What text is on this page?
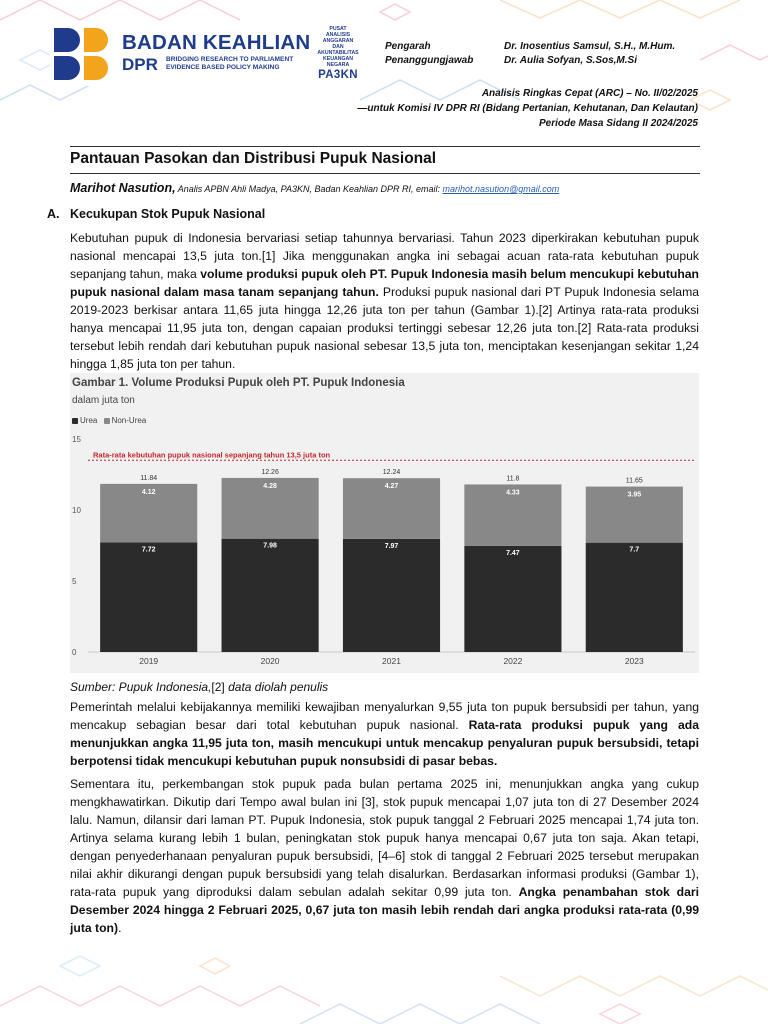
BADAN KEAHLIAN
DPR BRIDGING RESEARCH TO PARLIAMENT
EVIDENCE BASED POLICY MAKING
PUSAT
ANALISIS
ANGGARAN
DAN
AKUNTABILITAS
KEUANGAN
NEGARA
PA3KN
Pengarah
Penanggungjawab
Dr. Inosentius Samsul, S.H., M.Hum.
Dr. Aulia Sofyan, S.Sos,M.Si
Analisis Ringkas Cepat (ARC) – No. II/02/2025
—untuk Komisi IV DPR RI (Bidang Pertanian, Kehutanan, Dan Kelautan)
Periode Masa Sidang II 2024/2025
Pantauan Pasokan dan Distribusi Pupuk Nasional
Marihot Nasution, Analis APBN Ahli Madya, PA3KN, Badan Keahlian DPR RI, email: marihot.nasution@gmail.com
A. Kecukupan Stok Pupuk Nasional
Kebutuhan pupuk di Indonesia bervariasi setiap tahunnya bervariasi. Tahun 2023 diperkirakan kebutuhan pupuk nasional mencapai 13,5 juta ton.[1] Jika menggunakan angka ini sebagai acuan rata-rata kebutuhan pupuk sepanjang tahun, maka volume produksi pupuk oleh PT. Pupuk Indonesia masih belum mencukupi kebutuhan pupuk nasional dalam masa tanam sepanjang tahun. Produksi pupuk nasional dari PT Pupuk Indonesia selama 2019-2023 berkisar antara 11,65 juta hingga 12,26 juta ton per tahun (Gambar 1).[2] Artinya rata-rata produksi hanya mencapai 11,95 juta ton, dengan capaian produksi tertinggi sebesar 12,26 juta ton.[2] Rata-rata produksi tersebut lebih rendah dari kebutuhan pupuk nasional sebesar 13,5 juta ton, menciptakan kesenjangan sekitar 1,24 hingga 1,85 juta ton per tahun.
Gambar 1. Volume Produksi Pupuk oleh PT. Pupuk Indonesia
dalam juta ton
Urea Non-Urea
Rata-rata kebutuhan pupuk nasional sepanjang tahun 13,5 juta ton
0
5
10
15
7.72
4.12
11.84
2019
7.98
4.28
12.26
2020
7.97
4.27
12.24
2021
7.47
4.33
11.8
2022
7.7
3.95
11.65
2023
Sumber: Pupuk Indonesia,[2] data diolah penulis
Pemerintah melalui kebijakannya memiliki kewajiban menyalurkan 9,55 juta ton pupuk bersubsidi per tahun, yang mencakup sebagian besar dari total kebutuhan pupuk nasional. Rata-rata produksi pupuk yang ada menunjukkan angka 11,95 juta ton, masih mencukupi untuk mencakup penyaluran pupuk bersubsidi, tetapi berpotensi tidak mencukupi kebutuhan pupuk nonsubsidi di pasar bebas.
Sementara itu, perkembangan stok pupuk pada bulan pertama 2025 ini, menunjukkan angka yang cukup mengkhawatirkan. Dikutip dari Tempo awal bulan ini [3], stok pupuk mencapai 1,07 juta ton di 27 Desember 2024 lalu. Namun, dilansir dari laman PT. Pupuk Indonesia, stok pupuk tanggal 2 Februari 2025 mencapai 1,74 juta ton. Artinya selama kurang lebih 1 bulan, peningkatan stok pupuk hanya mencapai 0,67 juta ton saja. Akan tetapi, dengan penyederhanaan penyaluran pupuk bersubsidi, [4–6] stok di tanggal 2 Februari 2025 tersebut merupakan nilai akhir dikurangi dengan pupuk bersubsidi yang telah disalurkan. Berdasarkan informasi produksi (Gambar 1), rata-rata pupuk yang diproduksi dalam sebulan adalah sekitar 0,99 juta ton. Angka penambahan stok dari Desember 2024 hingga 2 Februari 2025, 0,67 juta ton masih lebih rendah dari angka produksi rata-rata (0,99 juta ton).
